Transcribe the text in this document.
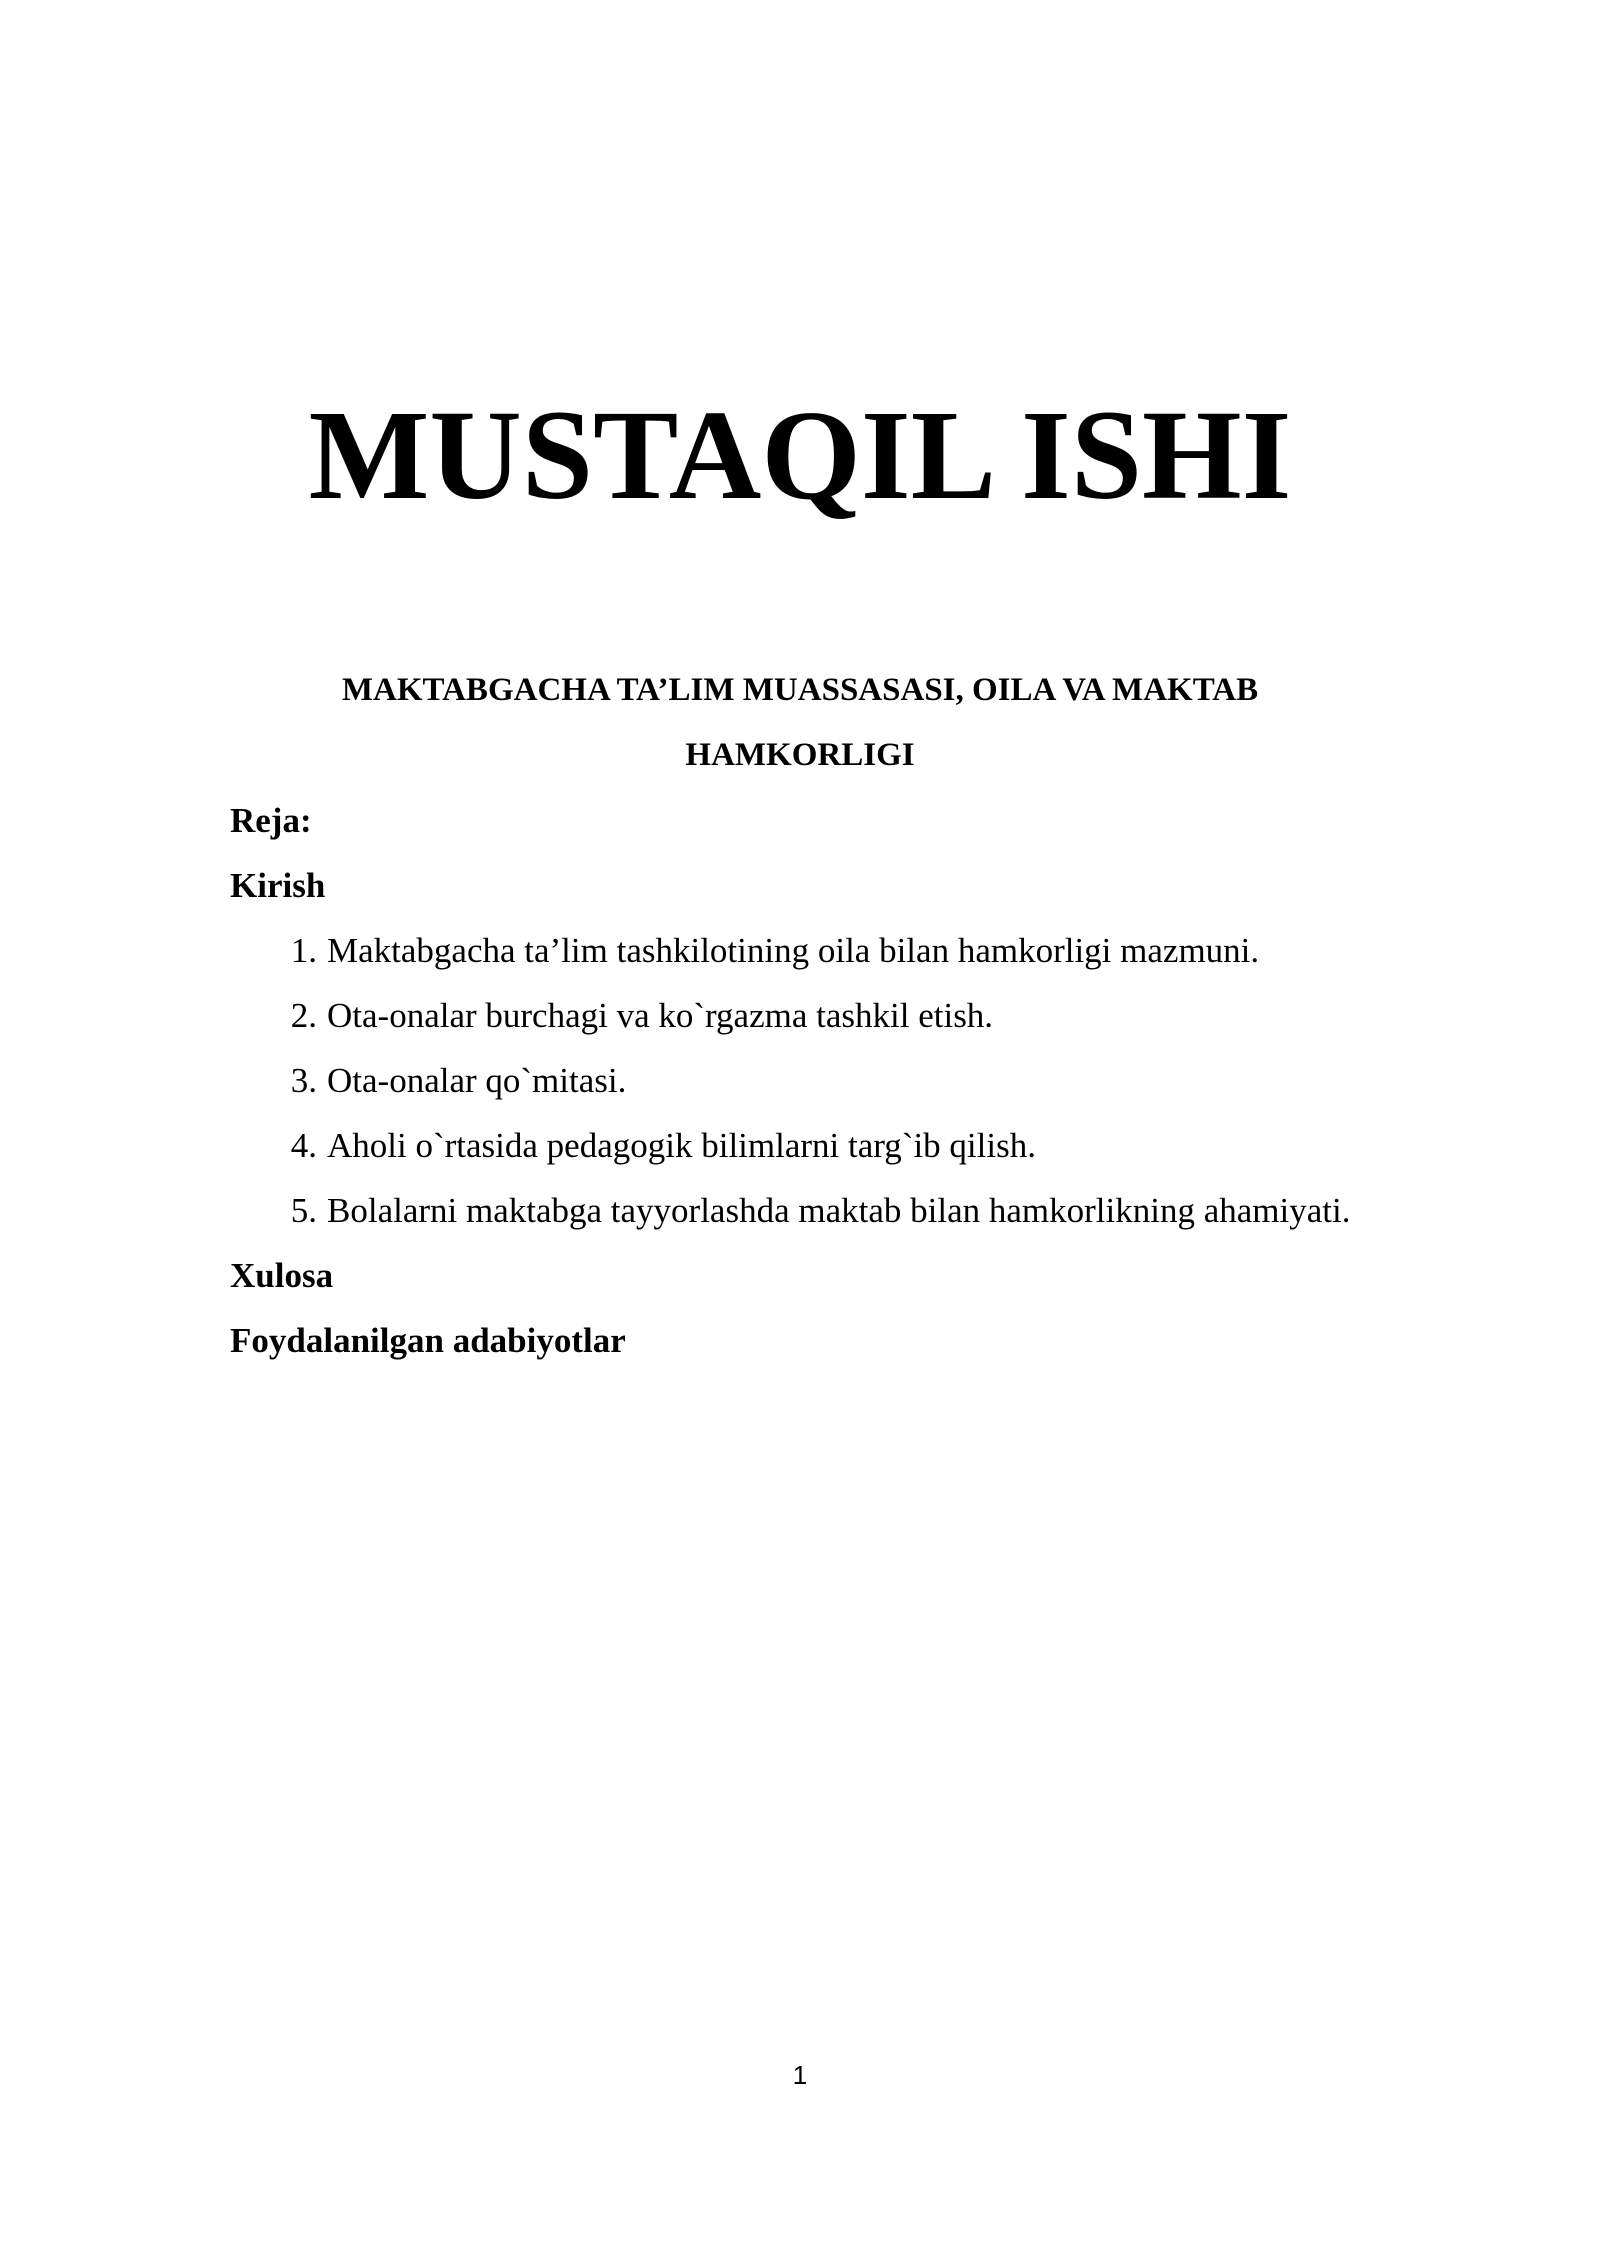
MUSTAQIL ISHI
MAKTABGACHA TA’LIM MUASSASASI, OILA VA MAKTAB
HAMKORLIGI

Reja:

Kirish

1. Maktabgacha ta’lim tashkilotining oila bilan hamkorligi mazmuni.
2. Ota-onalar burchagi va ko`rgazma tashkil etish.
3. Ota-onalar qo`mitasi.
4. Aholi o`rtasida pedagogik bilimlarni targ`ib qilish.
5. Bolalarni maktabga tayyorlashda maktab bilan hamkorlikning ahamiyati.

Xulosa

Foydalanilgan adabiyotlar

1
